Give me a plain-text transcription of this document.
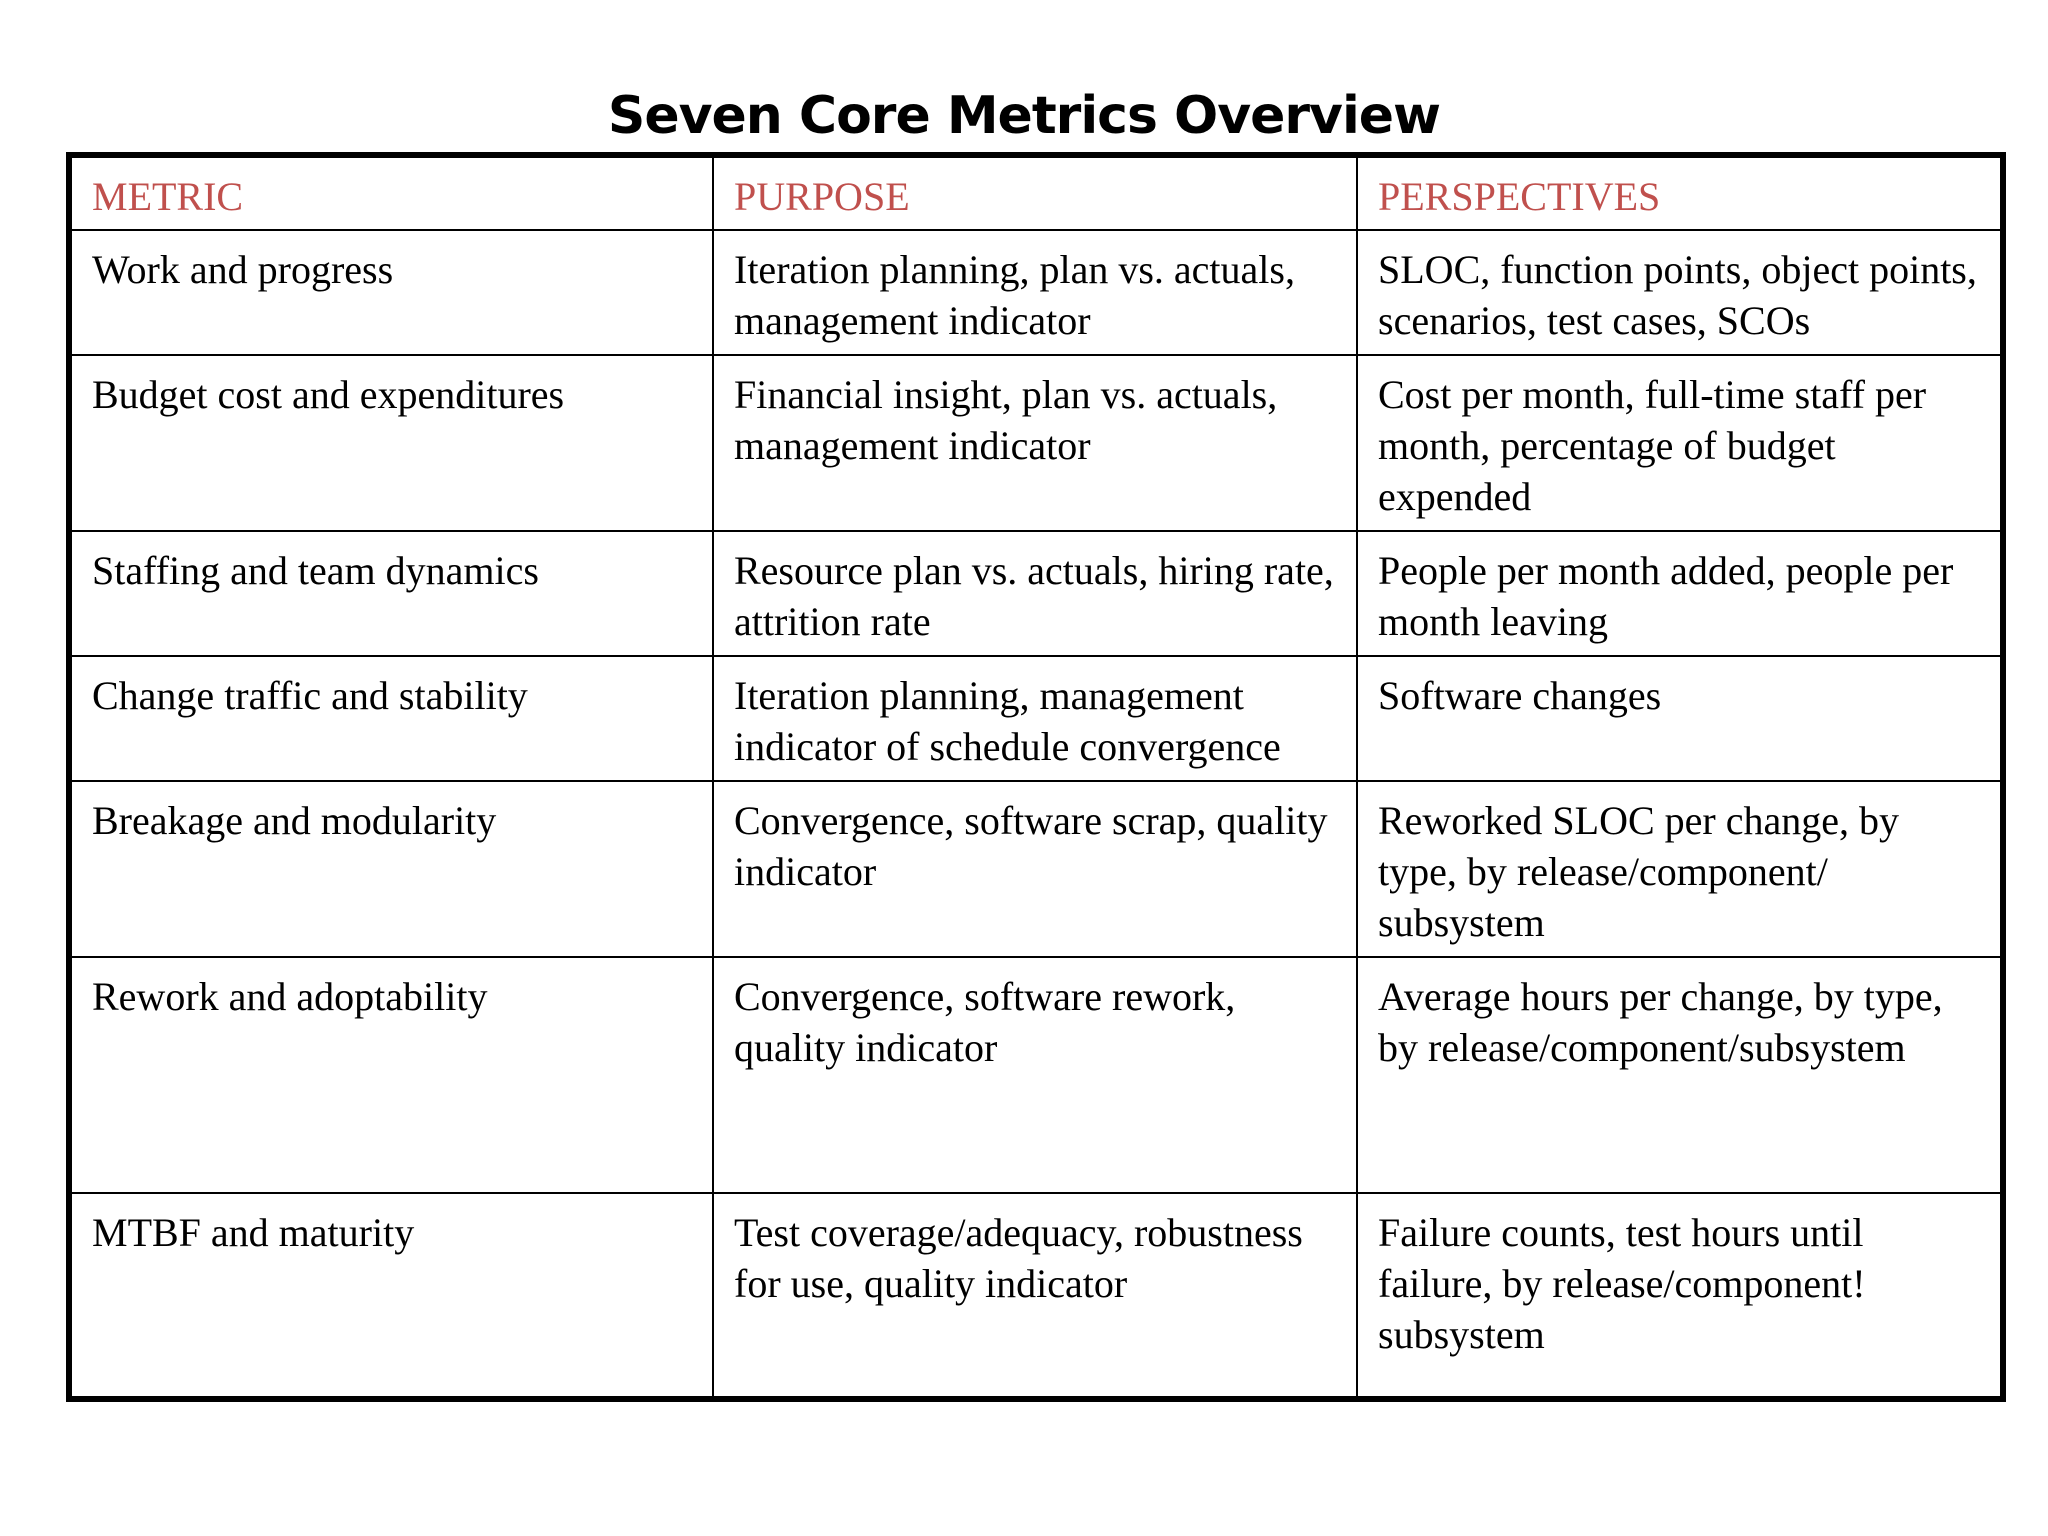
Seven Core Metrics Overview
METRIC	PURPOSE	PERSPECTIVES
Work and progress	Iteration planning, plan vs. actuals, management indicator	SLOC, function points, object points, scenarios, test cases, SCOs
Budget cost and expenditures	Financial insight, plan vs. actuals, management indicator	Cost per month, full-time staff per month, percentage of budget expended
Staffing and team dynamics	Resource plan vs. actuals, hiring rate, attrition rate	People per month added, people per month leaving
Change traffic and stability	Iteration planning, management indicator of schedule convergence	Software changes
Breakage and modularity	Convergence, software scrap, quality indicator	Reworked SLOC per change, by type, by release/component/ subsystem
Rework and adoptability	Convergence, software rework, quality indicator	Average hours per change, by type, by release/component/subsystem
MTBF and maturity	Test coverage/adequacy, robustness for use, quality indicator	Failure counts, test hours until failure, by release/component! subsystem
